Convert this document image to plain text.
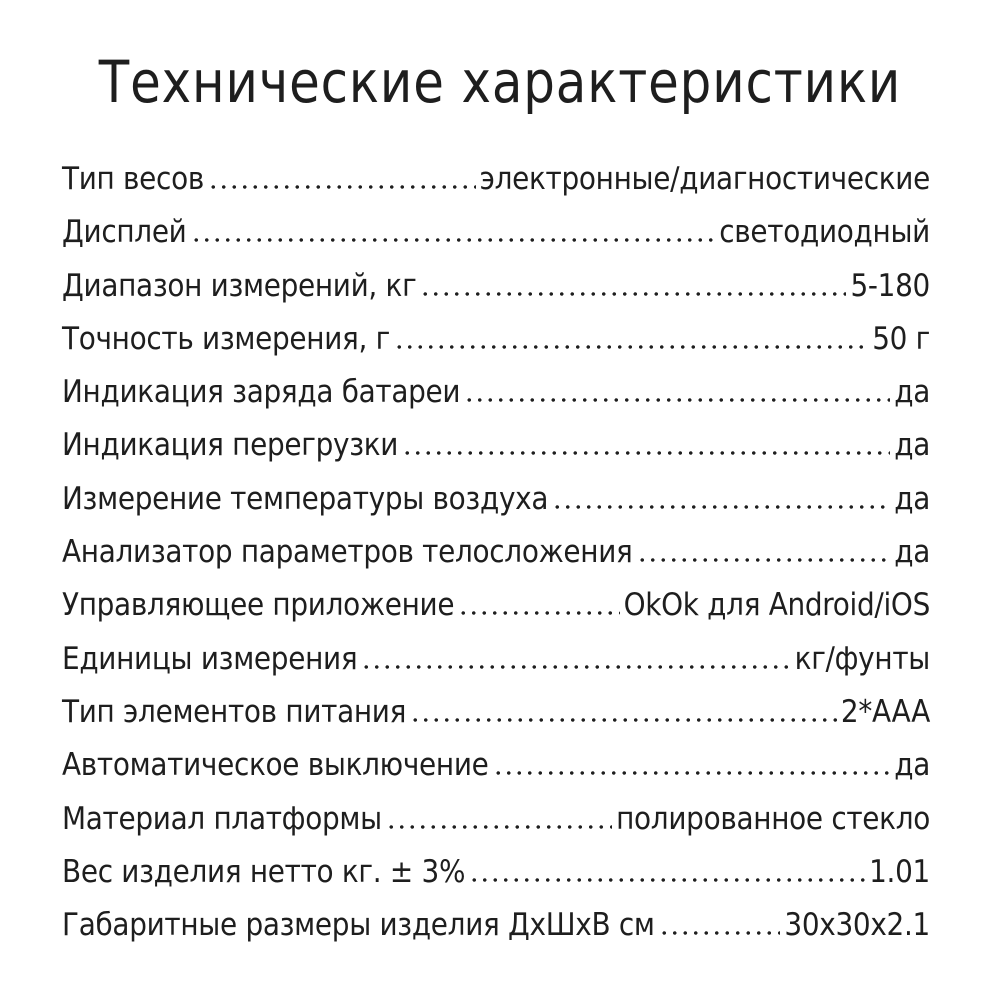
Технические характеристики
Тип весов	электронные/диагностические
Дисплей	светодиодный
Диапазон измерений, кг	5-180
Точность измерения, г	50 г
Индикация заряда батареи	да
Индикация перегрузки	да
Измерение температуры воздуха	да
Анализатор параметров телосложения	да
Управляющее приложение	OkOk для Android/iOS
Единицы измерения	кг/фунты
Тип элементов питания	2*AAA
Автоматическое выключение	да
Материал платформы	полированное стекло
Вес изделия нетто кг. ± 3%	1.01
Габаритные размеры изделия ДхШхВ см	30x30x2.1
